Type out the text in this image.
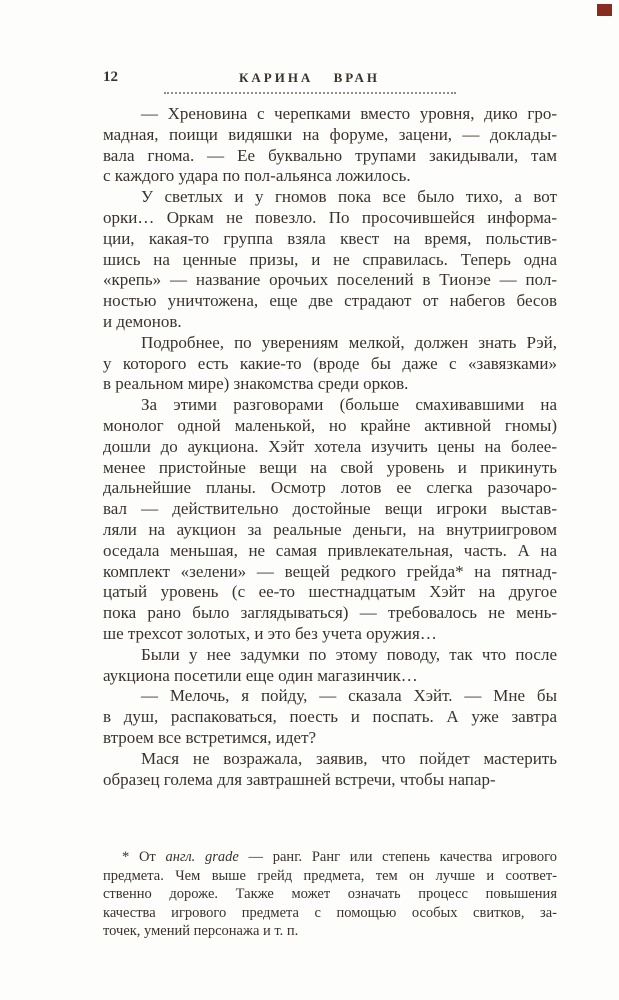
12	КАРИНА ВРАН

— Хреновина с черепками вместо уровня, дико гро-
мадная, поищи видяшки на форуме, зацени, — доклады-
вала гнома. — Ее буквально трупами закидывали, там
с каждого удара по пол-альянса ложилось.

У светлых и у гномов пока все было тихо, а вот
орки… Оркам не повезло. По просочившейся информа-
ции, какая-то группа взяла квест на время, польстив-
шись на ценные призы, и не справилась. Теперь одна
«крепь» — название орочьих поселений в Тионэе — пол-
ностью уничтожена, еще две страдают от набегов бесов
и демонов.

Подробнее, по уверениям мелкой, должен знать Рэй,
у которого есть какие-то (вроде бы даже с «завязками»
в реальном мире) знакомства среди орков.

За этими разговорами (больше смахивавшими на
монолог одной маленькой, но крайне активной гномы)
дошли до аукциона. Хэйт хотела изучить цены на более-
менее пристойные вещи на свой уровень и прикинуть
дальнейшие планы. Осмотр лотов ее слегка разочаро-
вал — действительно достойные вещи игроки выстав-
ляли на аукцион за реальные деньги, на внутриигровом
оседала меньшая, не самая привлекательная, часть. А на
комплект «зелени» — вещей редкого грейда* на пятнад-
цатый уровень (с ее-то шестнадцатым Хэйт на другое
пока рано было заглядываться) — требовалось не мень-
ше трехсот золотых, и это без учета оружия…

Были у нее задумки по этому поводу, так что после
аукциона посетили еще один магазинчик…

— Мелочь, я пойду, — сказала Хэйт. — Мне бы
в душ, распаковаться, поесть и поспать. А уже завтра
втроем все встретимся, идет?

Мася не возражала, заявив, что пойдет мастерить
образец голема для завтрашней встречи, чтобы напар-

* От англ. grade — ранг. Ранг или степень качества игрового
предмета. Чем выше грейд предмета, тем он лучше и соответ-
ственно дороже. Также может означать процесс повышения
качества игрового предмета с помощью особых свитков, за-
точек, умений персонажа и т. п.
